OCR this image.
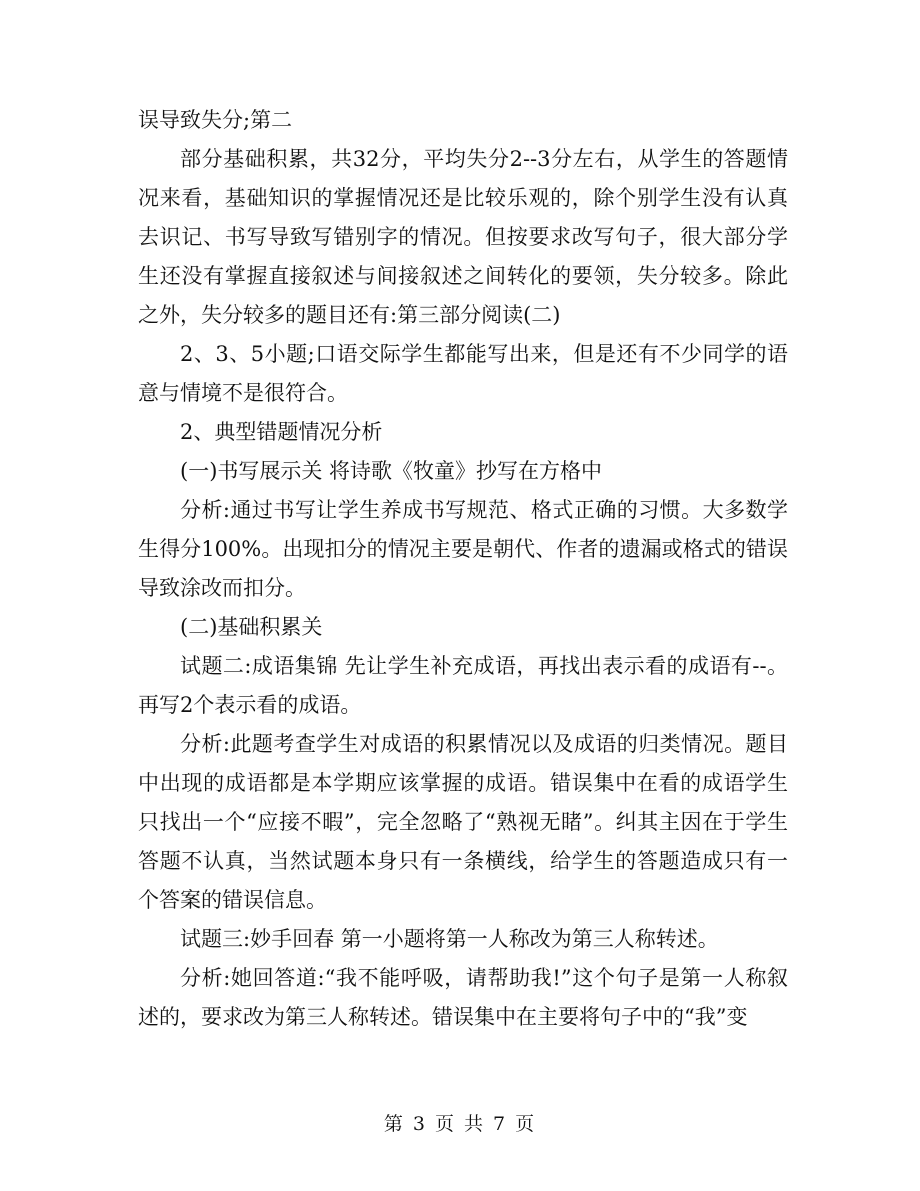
误导致失分;第二

部分基础积累，共32分，平均失分2--3分左右，从学生的答题情况来看，基础知识的掌握情况还是比较乐观的，除个别学生没有认真去识记、书写导致写错别字的情况。但按要求改写句子，很大部分学生还没有掌握直接叙述与间接叙述之间转化的要领，失分较多。除此之外，失分较多的题目还有:第三部分阅读(二)

2、3、5小题;口语交际学生都能写出来，但是还有不少同学的语意与情境不是很符合。

2、典型错题情况分析

(一)书写展示关 将诗歌《牧童》抄写在方格中

分析:通过书写让学生养成书写规范、格式正确的习惯。大多数学生得分100%。出现扣分的情况主要是朝代、作者的遗漏或格式的错误导致涂改而扣分。

(二)基础积累关

试题二:成语集锦 先让学生补充成语，再找出表示看的成语有--。再写2个表示看的成语。

分析:此题考查学生对成语的积累情况以及成语的归类情况。题目中出现的成语都是本学期应该掌握的成语。错误集中在看的成语学生只找出一个“应接不暇”，完全忽略了“熟视无睹”。纠其主因在于学生答题不认真，当然试题本身只有一条横线，给学生的答题造成只有一个答案的错误信息。

试题三:妙手回春 第一小题将第一人称改为第三人称转述。

分析:她回答道:“我不能呼吸，请帮助我!”这个句子是第一人称叙述的，要求改为第三人称转述。错误集中在主要将句子中的“我”变

第 3 页 共 7 页
